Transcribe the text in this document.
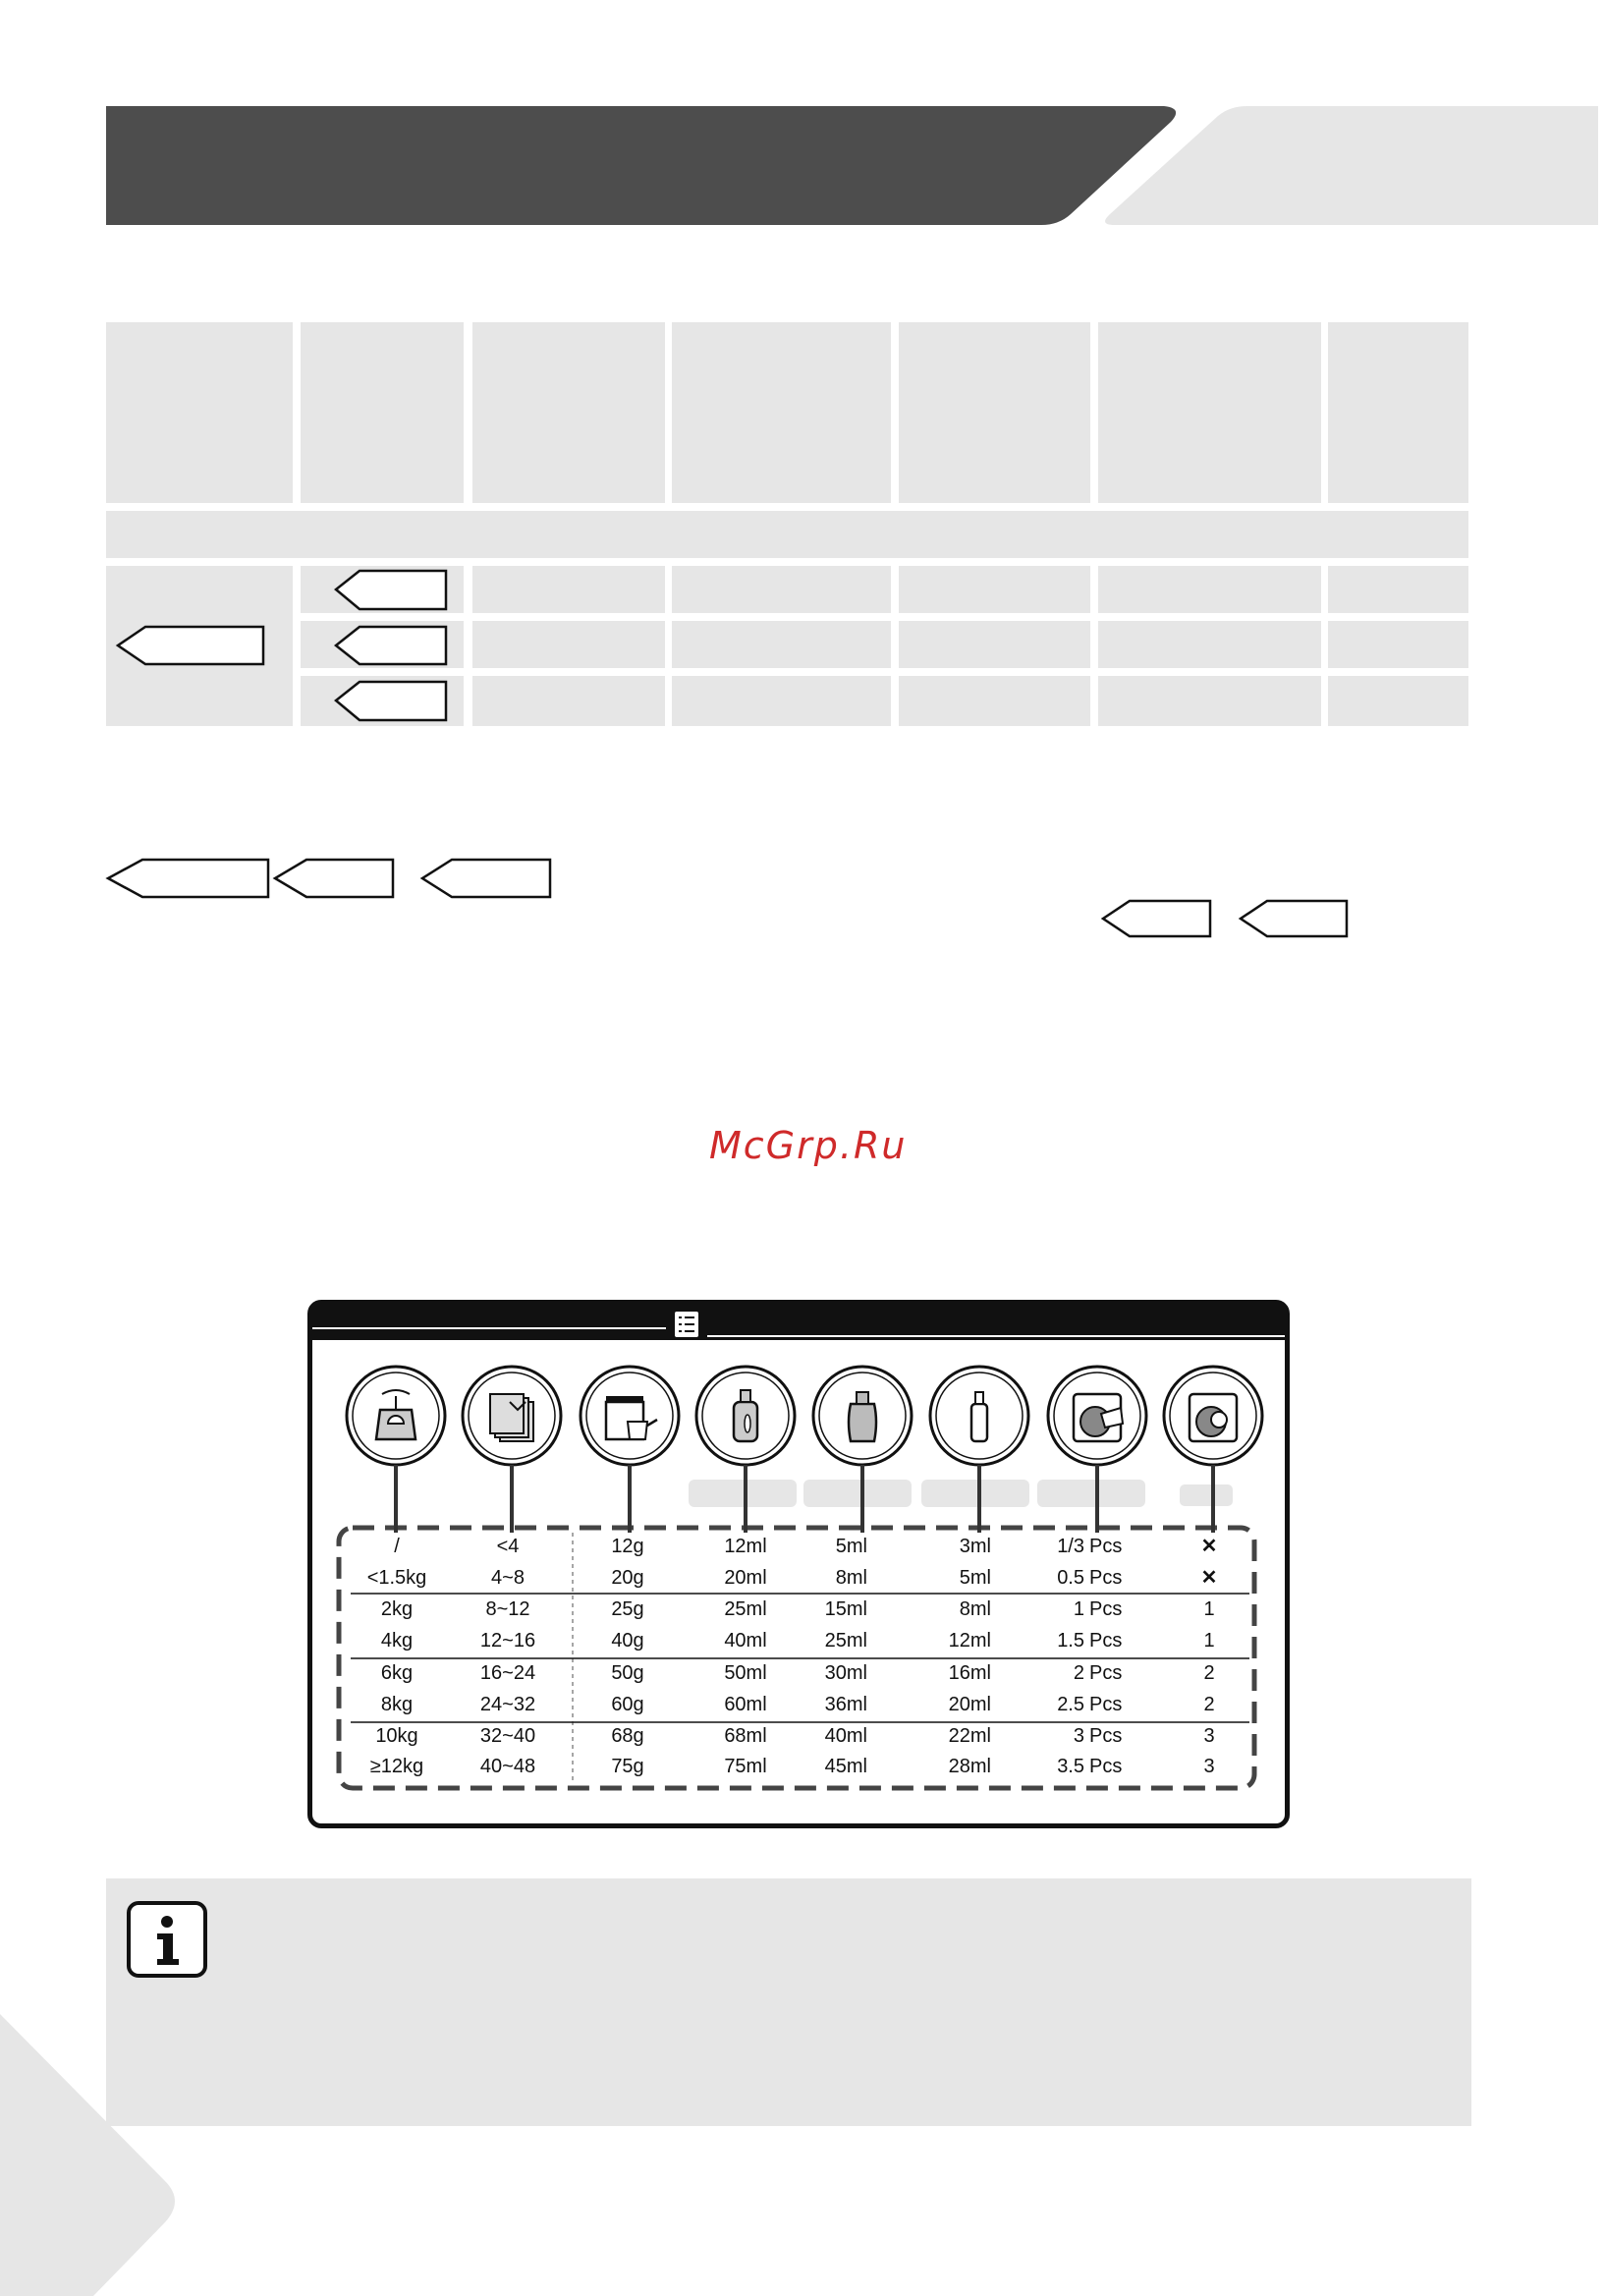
McGrp.Ru
/	<4	12g	12ml	5ml	3ml	1/3 Pcs	✕
<1.5kg	4~8	20g	20ml	8ml	5ml	0.5 Pcs	✕
2kg	8~12	25g	25ml	15ml	8ml	1 Pcs	1
4kg	12~16	40g	40ml	25ml	12ml	1.5 Pcs	1
6kg	16~24	50g	50ml	30ml	16ml	2 Pcs	2
8kg	24~32	60g	60ml	36ml	20ml	2.5 Pcs	2
10kg	32~40	68g	68ml	40ml	22ml	3 Pcs	3
≥12kg	40~48	75g	75ml	45ml	28ml	3.5 Pcs	3
